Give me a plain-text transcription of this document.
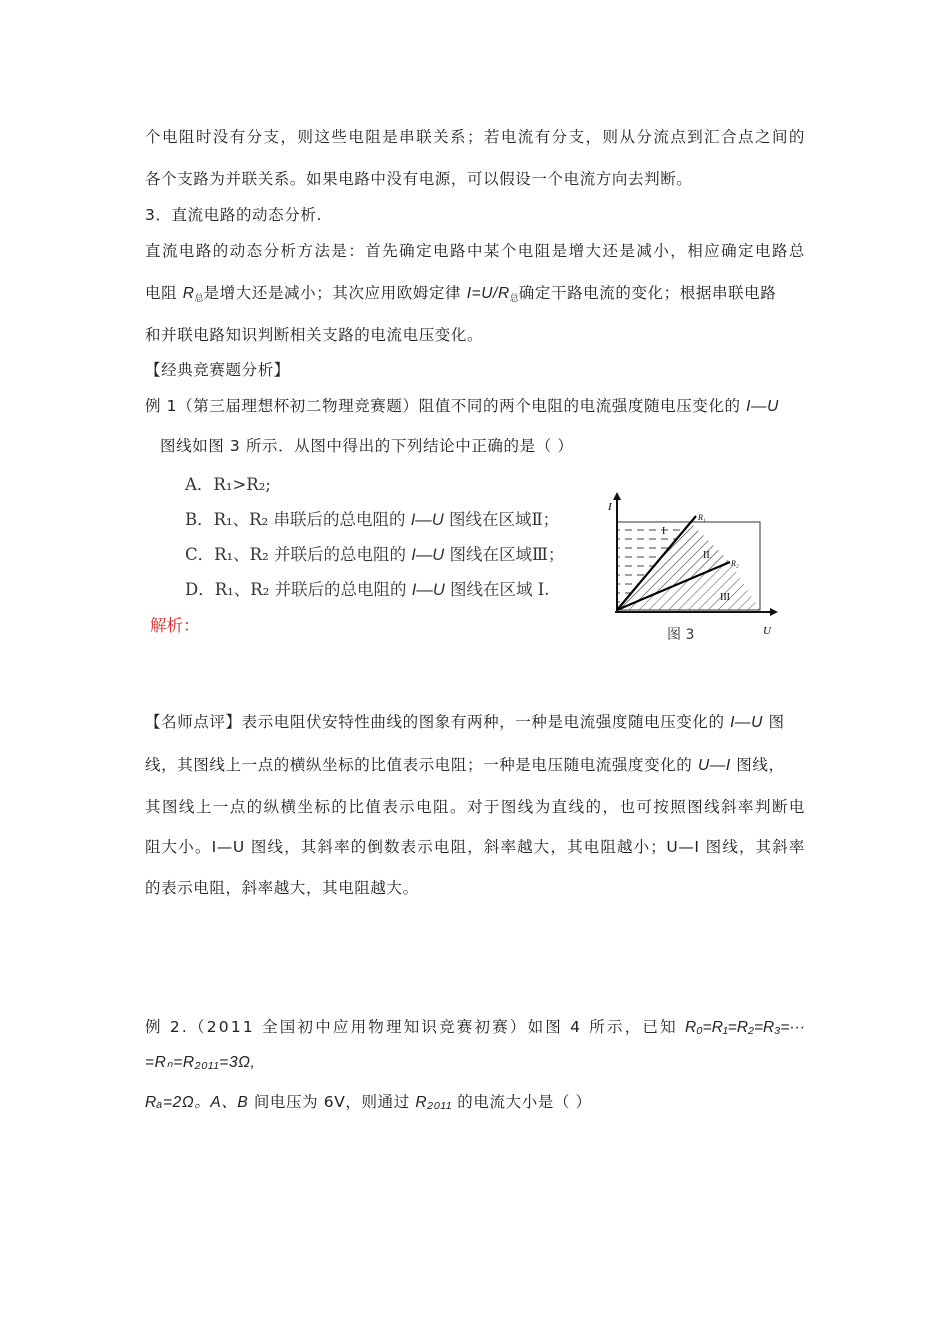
个电阻时没有分支，则这些电阻是串联关系；若电流有分支，则从分流点到汇合点之间的
各个支路为并联关系。如果电路中没有电源，可以假设一个电流方向去判断。
3．直流电路的动态分析.
直流电路的动态分析方法是：首先确定电路中某个电阻是增大还是减小，相应确定电路总
电阻 $R_总$是增大还是减小；其次应用欧姆定律 $I=U/R_总$确定干路电流的变化；根据串联电路
和并联电路知识判断相关支路的电流电压变化。
【经典竞赛题分析】
例 1（第三届理想杯初二物理竞赛题）阻值不同的两个电阻的电流强度随电压变化的 I—U
图线如图 3 所示．从图中得出的下列结论中正确的是（ ）
A．R₁>R₂;
B．R₁、R₂ 串联后的总电阻的 I—U 图线在区域Ⅱ；
C．R₁、R₂ 并联后的总电阻的 I—U 图线在区域Ⅲ；
D．R₁、R₂ 并联后的总电阻的 I—U 图线在区域 I.
解析：
I
U
R₁
R₂
I
II
III
图 3
【名师点评】表示电阻伏安特性曲线的图象有两种，一种是电流强度随电压变化的 I—U 图
线，其图线上一点的横纵坐标的比值表示电阻；一种是电压随电流强度变化的 U—I 图线，
其图线上一点的纵横坐标的比值表示电阻。对于图线为直线的，也可按照图线斜率判断电
阻大小。I—U 图线，其斜率的倒数表示电阻，斜率越大，其电阻越小；U—I 图线，其斜率
的表示电阻，斜率越大，其电阻越大。
例 2.（2011 全国初中应用物理知识竞赛初赛）如图 4 所示，已知 R₀=R₁=R₂=R₃=···
=Rₙ=R₂₀₁₁=3Ω,
Rₐ=2Ω。A、B 间电压为 6V，则通过 R₂₀₁₁ 的电流大小是（ ）
